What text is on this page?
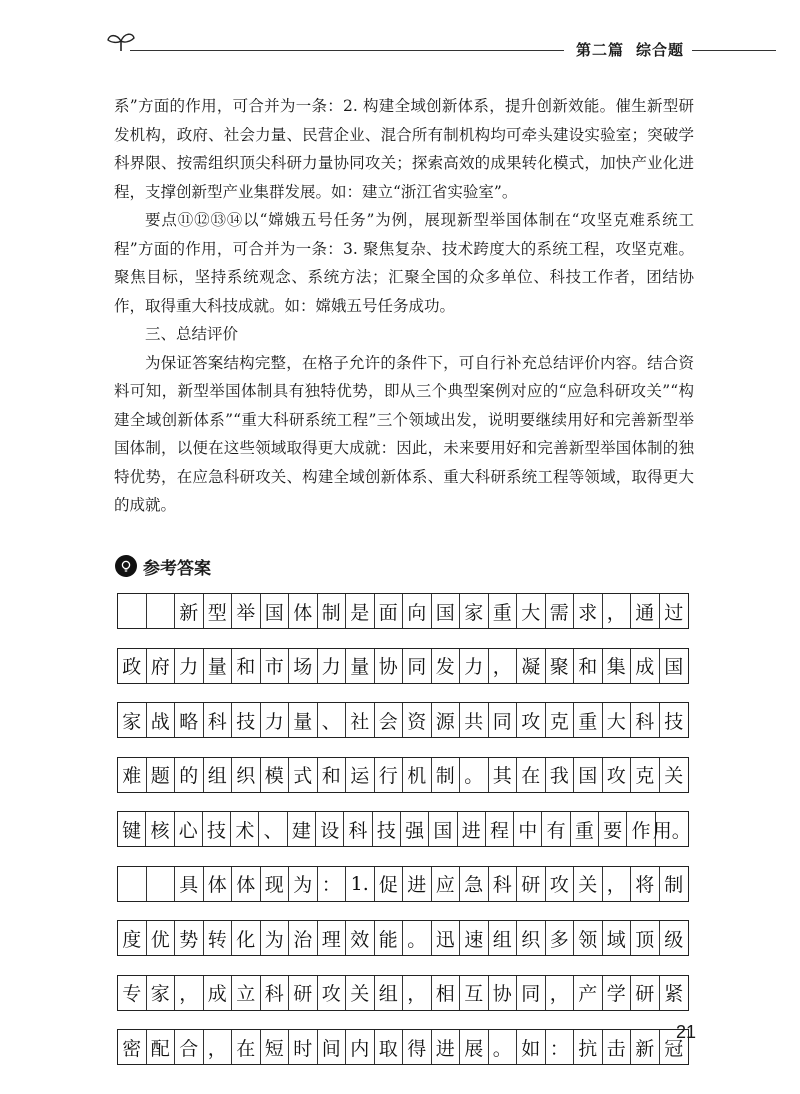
第二篇 综合题

系”方面的作用，可合并为一条：2. 构建全域创新体系，提升创新效能。催生新型研发机构，政府、社会力量、民营企业、混合所有制机构均可牵头建设实验室；突破学科界限、按需组织顶尖科研力量协同攻关；探索高效的成果转化模式，加快产业化进程，支撑创新型产业集群发展。如：建立“浙江省实验室”。

要点⑪⑫⑬⑭以“嫦娥五号任务”为例，展现新型举国体制在“攻坚克难系统工程”方面的作用，可合并为一条：3. 聚焦复杂、技术跨度大的系统工程，攻坚克难。聚焦目标，坚持系统观念、系统方法；汇聚全国的众多单位、科技工作者，团结协作，取得重大科技成就。如：嫦娥五号任务成功。

三、总结评价

为保证答案结构完整，在格子允许的条件下，可自行补充总结评价内容。结合资料可知，新型举国体制具有独特优势，即从三个典型案例对应的“应急科研攻关”“构建全域创新体系”“重大科研系统工程”三个领域出发，说明要继续用好和完善新型举国体制，以便在这些领域取得更大成就：因此，未来要用好和完善新型举国体制的独特优势，在应急科研攻关、构建全域创新体系、重大科研系统工程等领域，取得更大的成就。

参考答案
新 型 举 国 体 制 是 面 向 国 家 重 大 需 求 ， 通 过
政 府 力 量 和 市 场 力 量 协 同 发 力 ， 凝 聚 和 集 成 国
家 战 略 科 技 力 量 、 社 会 资 源 共 同 攻 克 重 大 科 技
难 题 的 组 织 模 式 和 运 行 机 制 。 其 在 我 国 攻 克 关
键 核 心 技 术 、 建 设 科 技 强 国 进 程 中 有 重 要 作 用。
具 体 体 现 为 ： 1. 促 进 应 急 科 研 攻 关 ， 将 制
度 优 势 转 化 为 治 理 效 能 。 迅 速 组 织 多 领 域 顶 级
专 家 ， 成 立 科 研 攻 关 组 ， 相 互 协 同 ， 产 学 研 紧
密 配 合 ， 在 短 时 间 内 取 得 进 展 。 如 ： 抗 击 新 冠
21
